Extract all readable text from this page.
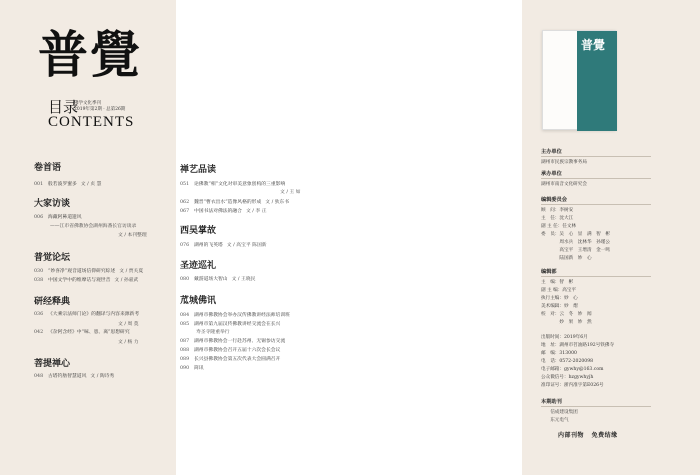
普覺
目录
佛学文化季刊
2019年第2期 · 总第26期
CONTENTS
卷首语
001 般若波罗蜜多 文 / 贞 慧
大家访谈
006 海藏阿鼻道遗风
——江市省佛教协会湖州海番长官访谈录
文 / 本刊整理
普觉论坛
030 “妙喜净”观音道场信仰研究综述 文 / 贾关夏
038 中国文学中的维摩诘与观世音 文 / 孙嘉武
研经释典
036 《大乘宗法师门论》的翻译与内容来源新考
文 / 周 莫
042 《杂阿含经》中“味、患、离”思想研究
文 / 杨 力
菩提禅心
048 古塔钓舫智慧道风 文 / 陶诗秀
禅艺品读
051 论佛教“相”文化对审美意象创构的三重影响
文 / 王 如
062 魏晋“曹衣出水”造像风格的形成 文 / 狄东书
067 中国书法对佛法的融合 文 / 李 正
西吴掌故
076 湖州的飞英塔 文 / 高宝平 陈国新
圣迹巡礼
080 戴游道场大智山 文 / 王晓民
苽城佛讯
084 湖州市佛教协会举办汉传佛教讲经法师培训班
085 湖州市第九届汉传佛教讲经交流会在长兴
寿圣寺隆重举行
087 湖州市佛教协会一行赴苏州、无锡参访交流
088 湖州市佛教协会召开五届十六次会长会议
089 长兴县佛教协会第五次代表大会圆满召开
090 简讯
普覺
主办单位
湖州市民族宗教事务局
承办单位
湖州市南音文化研究会
编辑委员会
顾　问：李树安
主　任：沈大江
副 主 任：任文林
委　员：吴　心　显　满　智　彬
　　　　周水兵　沈林华　孙瑾公
　　　　高宝平　王增清　金一鸣
　　　　陆国新　妙　心
编辑部
主　编：智　彬
副 主 编：高宝平
执行主编：妙　心
美术编辑：妙　熠
校　对：云　冬　妙　闻
　　　　妙　果　妙　然
出版时间：2019年6月
地　址：湖州市苕油路192号铁佛寺
邮　编：313000
电　话：0572-2020098
电子邮箱：gywhy@163.com
公众微信号：hzgywhyjh
准印证号：浙内准字第E026号
本期助刊
　　信成建设集团
　　东元电气
内部刊物 免费结缘
